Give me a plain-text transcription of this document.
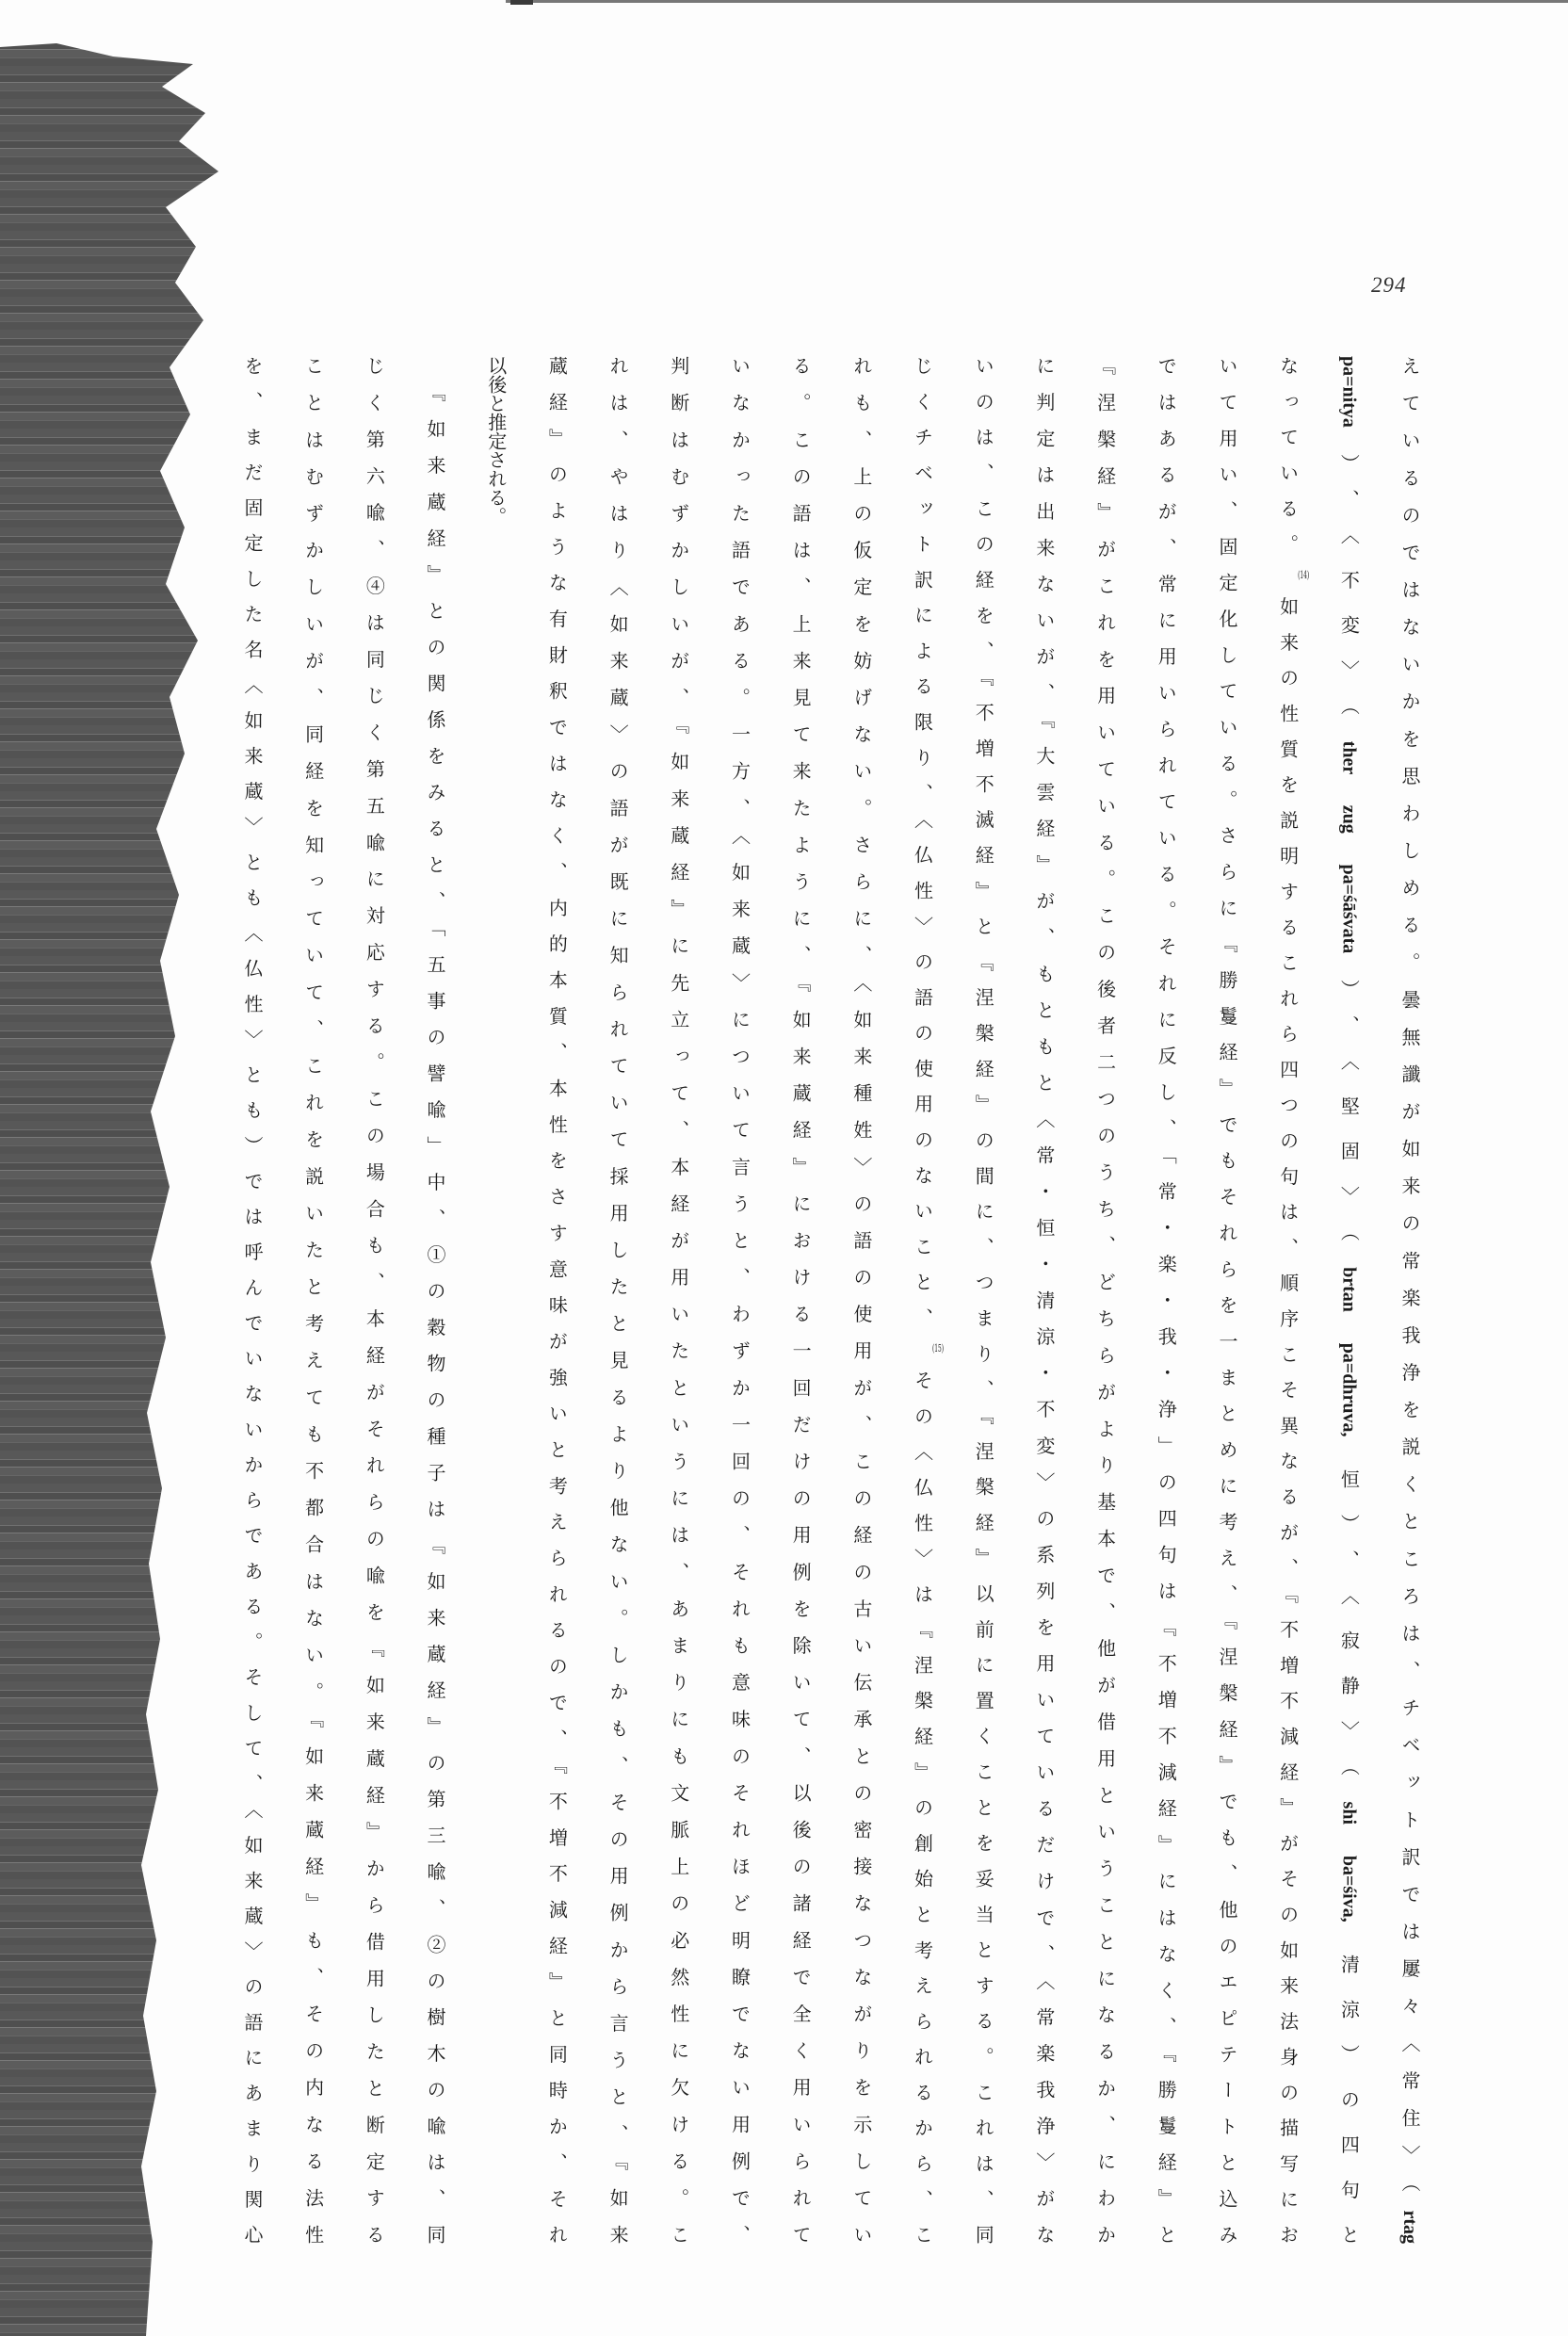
294
えているのではないかを思わしめる。曇無讖が如来の常楽我浄を説くところは、チベット訳では屢々〈常住〉（rtag
pa=nitya）、〈不変〉（ther zug pa=śāśvata）、〈堅固〉（brtan pa=dhruva, 恒）、〈寂静〉（shi ba=śiva, 清涼）の四句と
なっている。(14)如来の性質を説明するこれら四つの句は、順序こそ異なるが、『不増不減経』がその如来法身の描写にお
いて用い、固定化している。さらに『勝鬘経』でもそれらを一まとめに考え、『涅槃経』でも、他のエピテートと込み
ではあるが、常に用いられている。それに反し、「常・楽・我・浄」の四句は『不増不減経』にはなく、『勝鬘経』と
『涅槃経』がこれを用いている。この後者二つのうち、どちらがより基本で、他が借用ということになるか、にわか
に判定は出来ないが、『大雲経』が、もともと〈常・恒・清涼・不変〉の系列を用いているだけで、〈常楽我浄〉がな
いのは、この経を、『不増不滅経』と『涅槃経』の間に、つまり、『涅槃経』以前に置くことを妥当とする。これは、同
じくチベット訳による限り、〈仏性〉の語の使用のないこと、(15)その〈仏性〉は『涅槃経』の創始と考えられるから、こ
れも、上の仮定を妨げない。さらに、〈如来種姓〉の語の使用が、この経の古い伝承との密接なつながりを示してい
る。この語は、上来見て来たように、『如来蔵経』における一回だけの用例を除いて、以後の諸経で全く用いられて
いなかった語である。一方、〈如来蔵〉について言うと、わずか一回の、それも意味のそれほど明瞭でない用例で、
判断はむずかしいが、『如来蔵経』に先立って、本経が用いたというには、あまりにも文脈上の必然性に欠ける。こ
れは、やはり〈如来蔵〉の語が既に知られていて採用したと見るより他ない。しかも、その用例から言うと、『如来
蔵経』のような有財釈ではなく、内的本質、本性をさす意味が強いと考えられるので、『不増不減経』と同時か、それ
以後と推定される。
　『如来蔵経』との関係をみると、「五事の譬喩」中、①の穀物の種子は『如来蔵経』の第三喩、②の樹木の喩は、同
じく第六喩、④は同じく第五喩に対応する。この場合も、本経がそれらの喩を『如来蔵経』から借用したと断定する
ことはむずかしいが、同経を知っていて、これを説いたと考えても不都合はない。『如来蔵経』も、その内なる法性
を、まだ固定した名〈如来蔵〉とも〈仏性〉とも）では呼んでいないからである。そして、〈如来蔵〉の語にあまり関心
